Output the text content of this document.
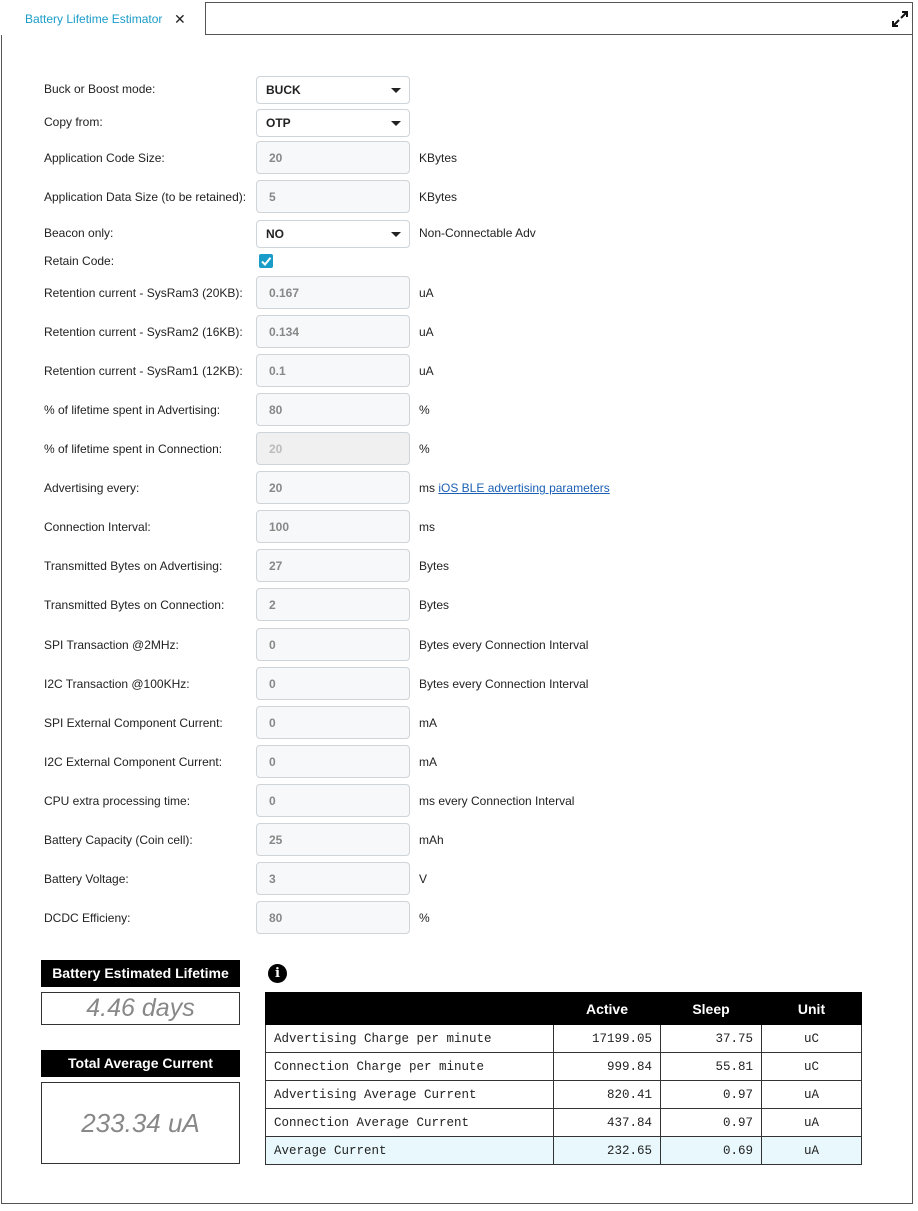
Battery Lifetime Estimator ✕
Buck or Boost mode:	BUCK
Copy from:	OTP
Application Code Size:
20	KBytes
Application Data Size (to be retained):
5	KBytes
Beacon only:	NO	Non-Connectable Adv
Retain Code:
Retention current - SysRam3 (20KB):
0.167	uA
Retention current - SysRam2 (16KB):
0.134	uA
Retention current - SysRam1 (12KB):
0.1	uA
% of lifetime spent in Advertising:
80	%
% of lifetime spent in Connection:
20	%
Advertising every:
20	ms iOS BLE advertising parameters
Connection Interval:
100	ms
Transmitted Bytes on Advertising:
27	Bytes
Transmitted Bytes on Connection:
2	Bytes
SPI Transaction @2MHz:
0	Bytes every Connection Interval
I2C Transaction @100KHz:
0	Bytes every Connection Interval
SPI External Component Current:
0	mA
I2C External Component Current:
0	mA
CPU extra processing time:
0	ms every Connection Interval
Battery Capacity (Coin cell):
25	mAh
Battery Voltage:
3	V
DCDC Efficieny:
80	%
Battery Estimated Lifetime
4.46 days
Total Average Current
233.34 uA
i
	Active	Sleep	Unit
Advertising Charge per minute	17199.05	37.75	uC
Connection Charge per minute	999.84	55.81	uC
Advertising Average Current	820.41	0.97	uA
Connection Average Current	437.84	0.97	uA
Average Current	232.65	0.69	uA
